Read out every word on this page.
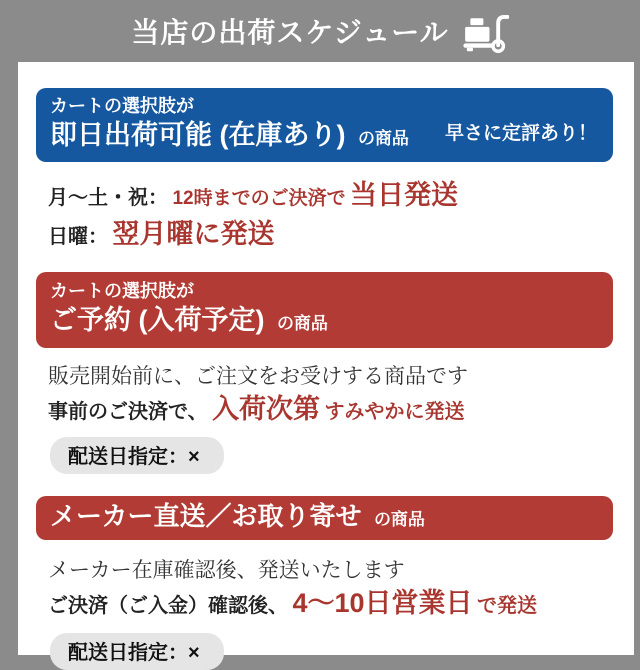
当店の出荷スケジュール
カートの選択肢が
即日出荷可能 (在庫あり) の商品 早さに定評あり！
月〜土・祝： 12時までのご決済で 当日発送
日曜： 翌月曜に発送
カートの選択肢が
ご予約 (入荷予定) の商品
販売開始前に、ご注文をお受けする商品です
事前のご決済で、 入荷次第 すみやかに発送
配送日指定：×
メーカー直送／お取り寄せ の商品
メーカー在庫確認後、発送いたします
ご決済（ご入金）確認後、 4〜10日営業日 で発送
配送日指定：×
